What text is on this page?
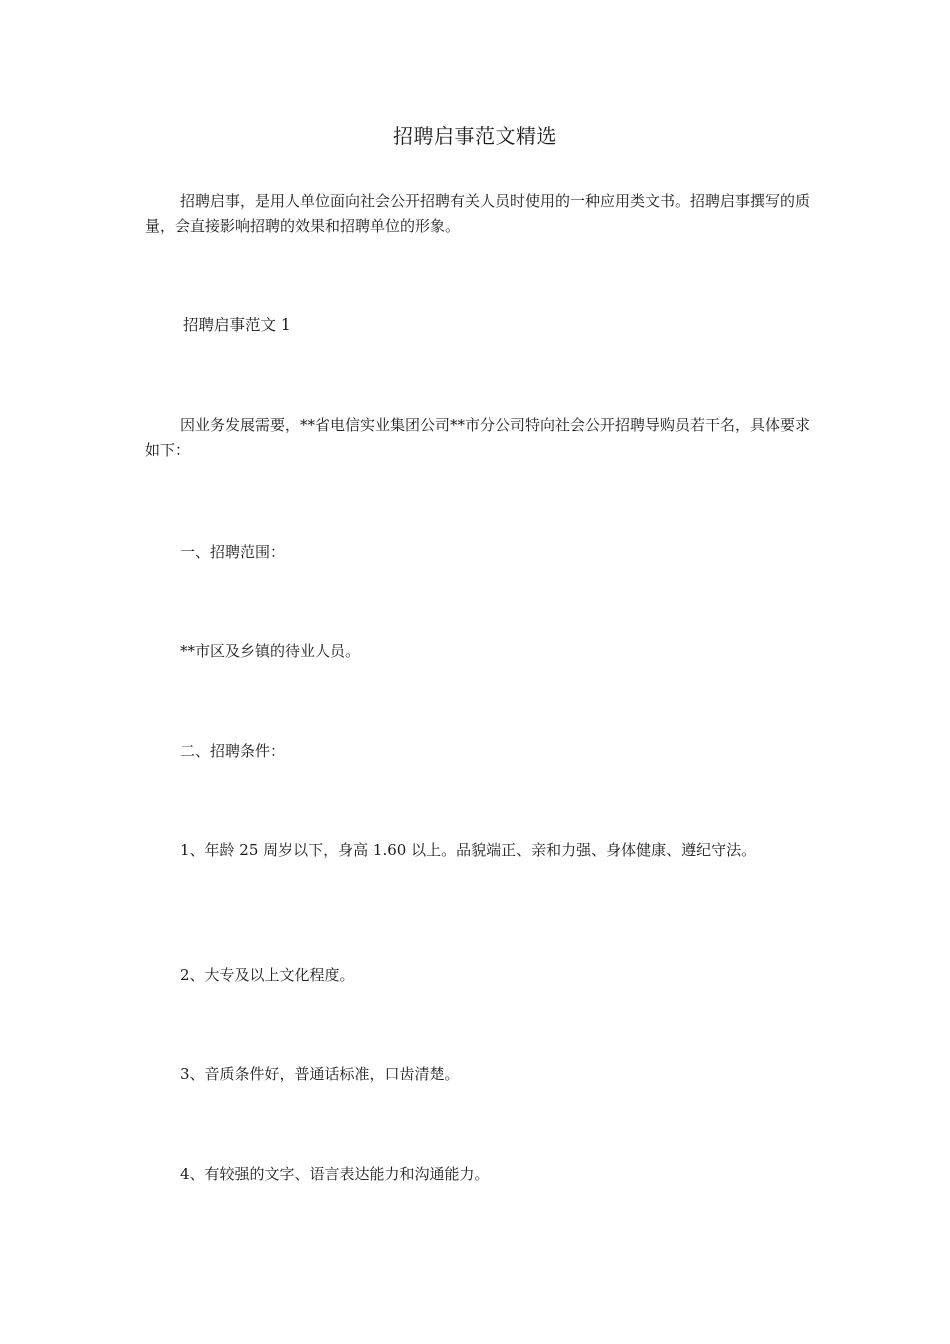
招聘启事范文精选

招聘启事，是用人单位面向社会公开招聘有关人员时使用的一种应用类文书。招聘启事撰写的质量，会直接影响招聘的效果和招聘单位的形象。

招聘启事范文 1

因业务发展需要，**省电信实业集团公司**市分公司特向社会公开招聘导购员若干名，具体要求如下：

一、招聘范围：

**市区及乡镇的待业人员。

二、招聘条件：

1、年龄 25 周岁以下，身高 1.60 以上。品貌端正、亲和力强、身体健康、遵纪守法。

2、大专及以上文化程度。

3、音质条件好，普通话标准，口齿清楚。

4、有较强的文字、语言表达能力和沟通能力。
